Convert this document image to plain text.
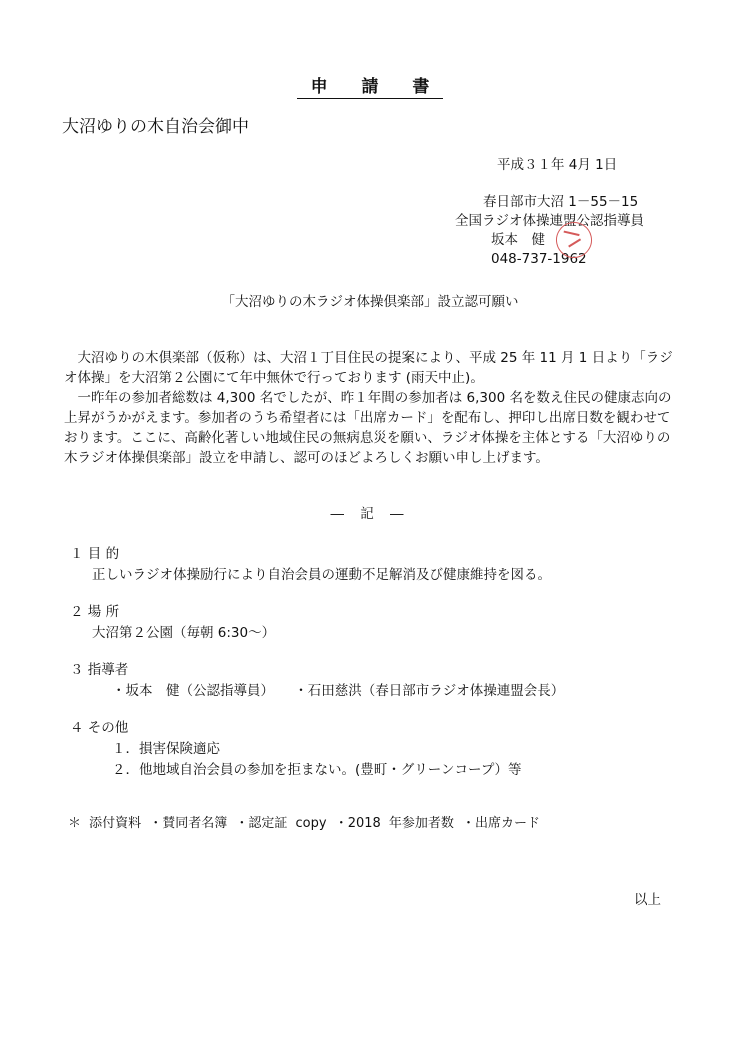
申 請 書
大沼ゆりの木自治会御中
平成３１年 4月 1日
春日部市大沼 1－55－15
全国ラジオ体操連盟公認指導員
坂本　健
048-737-1962
「大沼ゆりの木ラジオ体操倶楽部」設立認可願い

大沼ゆりの木倶楽部（仮称）は、大沼１丁目住民の提案により、平成 25 年 11 月 1 日より「ラジオ体操」を大沼第２公園にて年中無休で行っております (雨天中止)。

一昨年の参加者総数は 4,300 名でしたが、昨１年間の参加者は 6,300 名を数え住民の健康志向の上昇がうかがえます。参加者のうち希望者には「出席カード」を配布し、押印し出席日数を観わせております。ここに、高齢化著しい地域住民の無病息災を願い、ラジオ体操を主体とする「大沼ゆりの木ラジオ体操倶楽部」設立を申請し、認可のほどよろしくお願い申し上げます。

― 記 ―
１ 目 的
正しいラジオ体操励行により自治会員の運動不足解消及び健康維持を図る。
２ 場 所
大沼第２公園（毎朝 6:30～）
３ 指導者
・坂本　健（公認指導員）　　・石田慈洪（春日部市ラジオ体操連盟会長）
４ その他
１．損害保険適応
２．他地域自治会員の参加を拒まない。(豊町・グリーンコープ）等
＊ 添付資料 ・賛同者名簿 ・認定証 copy ・2018 年参加者数 ・出席カード
以上
